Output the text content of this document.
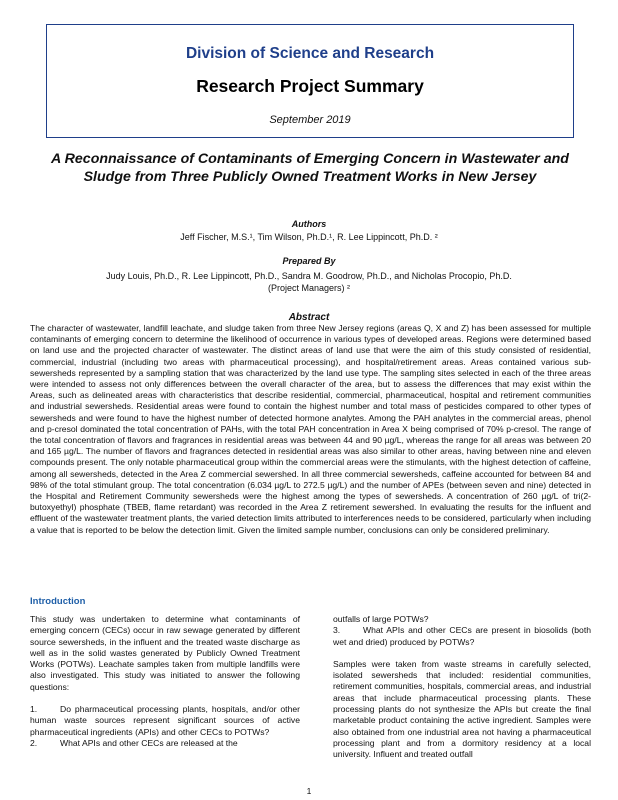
Division of Science and Research
Research Project Summary
September 2019
A Reconnaissance of Contaminants of Emerging Concern in Wastewater and Sludge from Three Publicly Owned Treatment Works in New Jersey
Authors
Jeff Fischer, M.S.¹, Tim Wilson, Ph.D.¹, R. Lee Lippincott, Ph.D. ²
Prepared By
Judy Louis, Ph.D., R. Lee Lippincott, Ph.D., Sandra M. Goodrow, Ph.D., and Nicholas Procopio, Ph.D.
(Project Managers) ²
Abstract

The character of wastewater, landfill leachate, and sludge taken from three New Jersey regions (areas Q, X and Z) has been assessed for multiple contaminants of emerging concern to determine the likelihood of occurrence in various types of developed areas. Regions were determined based on land use and the projected character of wastewater. The distinct areas of land use that were the aim of this study consisted of residential, commercial, industrial (including two areas with pharmaceutical processing), and hospital/retirement areas. Areas contained various sub-sewersheds represented by a sampling station that was characterized by the land use type. The sampling sites selected in each of the three areas were intended to assess not only differences between the overall character of the area, but to assess the differences that may exist within the Areas, such as delineated areas with characteristics that describe residential, commercial, pharmaceutical, hospital and retirement communities and industrial sewersheds. Residential areas were found to contain the highest number and total mass of pesticides compared to other types of sewersheds and were found to have the highest number of detected hormone analytes. Among the PAH analytes in the commercial areas, phenol and p-cresol dominated the total concentration of PAHs, with the total PAH concentration in Area X being comprised of 70% p-cresol. The range of the total concentration of flavors and fragrances in residential areas was between 44 and 90 µg/L, whereas the range for all areas was between 20 and 165 µg/L. The number of flavors and fragrances detected in residential areas was also similar to other areas, having between nine and eleven compounds present. The only notable pharmaceutical group within the commercial areas were the stimulants, with the highest detection of caffeine, among all sewersheds, detected in the Area Z commercial sewershed. In all three commercial sewersheds, caffeine accounted for between 84 and 98% of the total stimulant group. The total concentration (6.034 µg/L to 272.5 µg/L) and the number of APEs (between seven and nine) detected in the Hospital and Retirement Community sewersheds were the highest among the types of sewersheds. A concentration of 260 µg/L of tri(2-butoxyethyl) phosphate (TBEB, flame retardant) was recorded in the Area Z retirement sewershed. In evaluating the results for the influent and effluent of the wastewater treatment plants, the varied detection limits attributed to interferences needs to be considered, particularly when including a value that is reported to be below the detection limit. Given the limited sample number, conclusions can only be considered preliminary.

Introduction

This study was undertaken to determine what contaminants of emerging concern (CECs) occur in raw sewage generated by different source sewersheds, in the influent and the treated waste discharge as well as in the solid wastes generated by Publicly Owned Treatment Works (POTWs). Leachate samples taken from multiple landfills were also investigated. This study was initiated to answer the following questions:

1.	Do pharmaceutical processing plants, hospitals, and/or other human waste sources represent significant sources of active pharmaceutical ingredients (APIs) and other CECs to POTWs?

2.	What APIs and other CECs are released at the

outfalls of large POTWs?

3.	What APIs and other CECs are present in biosolids (both wet and dried) produced by POTWs?

Samples were taken from waste streams in carefully selected, isolated sewersheds that included: residential communities, retirement communities, hospitals, commercial areas, and industrial areas that include pharmaceutical processing plants. These processing plants do not synthesize the APIs but create the final marketable product containing the active ingredient. Samples were also obtained from one industrial area not having a pharmaceutical processing plant and from a dormitory residency at a local university. Influent and treated outfall

1
